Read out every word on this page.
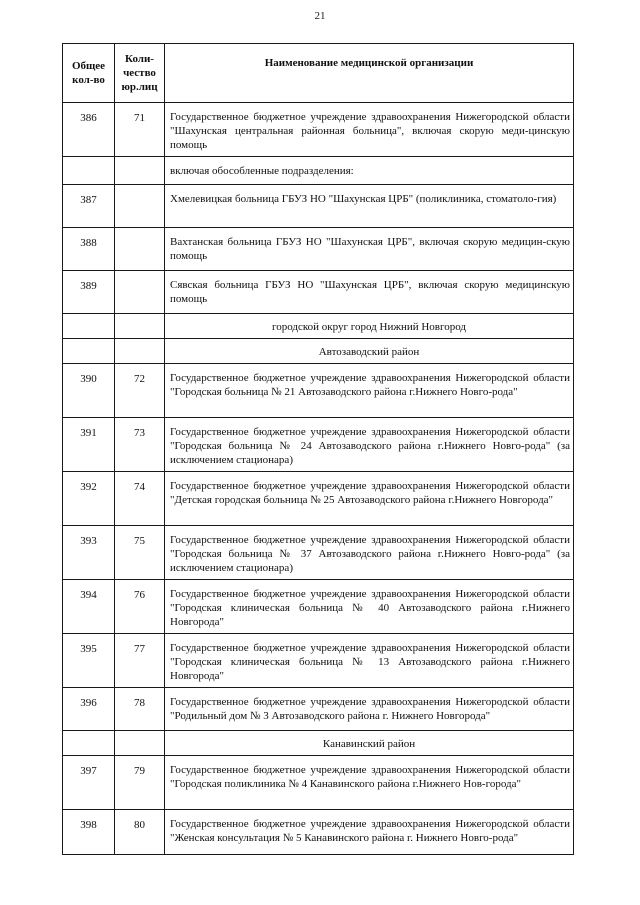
21
Общее кол-во	Коли-чество юр.лиц	Наименование медицинской организации
386	71	Государственное бюджетное учреждение здравоохранения Нижегородской области "Шахунская центральная районная больница", включая скорую меди-цинскую помощь
		включая обособленные подразделения:
387		Хмелевицкая больница ГБУЗ НО "Шахунская ЦРБ" (поликлиника, стоматоло-гия)
388		Вахтанская больница ГБУЗ НО "Шахунская ЦРБ", включая скорую медицин-скую помощь
389		Сявская больница ГБУЗ НО "Шахунская ЦРБ", включая скорую медицинскую помощь
		городской округ город Нижний Новгород
		Автозаводский район
390	72	Государственное бюджетное учреждение здравоохранения Нижегородской области "Городская больница № 21 Автозаводского района г.Нижнего Новго-рода"
391	73	Государственное бюджетное учреждение здравоохранения Нижегородской области "Городская больница № 24 Автозаводского района г.Нижнего Новго-рода" (за исключением стационара)
392	74	Государственное бюджетное учреждение здравоохранения Нижегородской области "Детская городская больница № 25 Автозаводского района г.Нижнего Новгорода"
393	75	Государственное бюджетное учреждение здравоохранения Нижегородской области "Городская больница № 37 Автозаводского района г.Нижнего Новго-рода" (за исключением стационара)
394	76	Государственное бюджетное учреждение здравоохранения Нижегородской области "Городская клиническая больница № 40 Автозаводского района г.Нижнего Новгорода"
395	77	Государственное бюджетное учреждение здравоохранения Нижегородской области "Городская клиническая больница № 13 Автозаводского района г.Нижнего Новгорода"
396	78	Государственное бюджетное учреждение здравоохранения Нижегородской области "Родильный дом № 3 Автозаводского района г. Нижнего Новгорода"
		Канавинский район
397	79	Государственное бюджетное учреждение здравоохранения Нижегородской области "Городская поликлиника № 4 Канавинского района г.Нижнего Нов-города"
398	80	Государственное бюджетное учреждение здравоохранения Нижегородской области "Женская консультация № 5 Канавинского района г. Нижнего Новго-рода"
